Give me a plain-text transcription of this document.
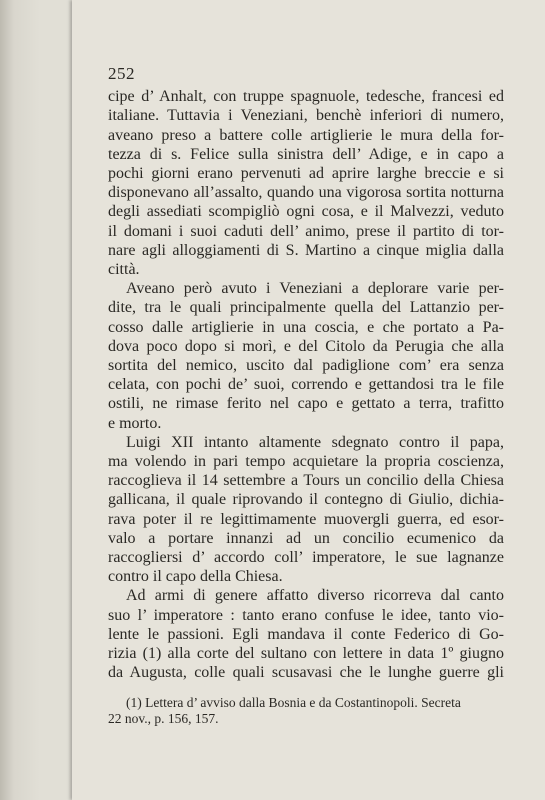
252

cipe d’ Anhalt, con truppe spagnuole, tedesche, francesi ed
italiane. Tuttavia i Veneziani, benchè inferiori di numero,
aveano preso a battere colle artiglierie le mura della for-
tezza di s. Felice sulla sinistra dell’ Adige, e in capo a
pochi giorni erano pervenuti ad aprire larghe breccie e si
disponevano all’assalto, quando una vigorosa sortita notturna
degli assediati scompigliò ogni cosa, e il Malvezzi, veduto
il domani i suoi caduti dell’ animo, prese il partito di tor-
nare agli alloggiamenti di S. Martino a cinque miglia dalla
città.

Aveano però avuto i Veneziani a deplorare varie per-
dite, tra le quali principalmente quella del Lattanzio per-
cosso dalle artiglierie in una coscia, e che portato a Pa-
dova poco dopo si morì, e del Citolo da Perugia che alla
sortita del nemico, uscito dal padiglione com’ era senza
celata, con pochi de’ suoi, correndo e gettandosi tra le file
ostili, ne rimase ferito nel capo e gettato a terra, trafitto
e morto.

Luigi XII intanto altamente sdegnato contro il papa,
ma volendo in pari tempo acquietare la propria coscienza,
raccoglieva il 14 settembre a Tours un concilio della Chiesa
gallicana, il quale riprovando il contegno di Giulio, dichia-
rava poter il re legittimamente muovergli guerra, ed esor-
valo a portare innanzi ad un concilio ecumenico da
raccogliersi d’ accordo coll’ imperatore, le sue lagnanze
contro il capo della Chiesa.

Ad armi di genere affatto diverso ricorreva dal canto
suo l’ imperatore : tanto erano confuse le idee, tanto vio-
lente le passioni. Egli mandava il conte Federico di Go-
rizia (1) alla corte del sultano con lettere in data 1º giugno
da Augusta, colle quali scusavasi che le lunghe guerre gli

(1) Lettera d’ avviso dalla Bosnia e da Costantinopoli. Secreta
22 nov., p. 156, 157.
